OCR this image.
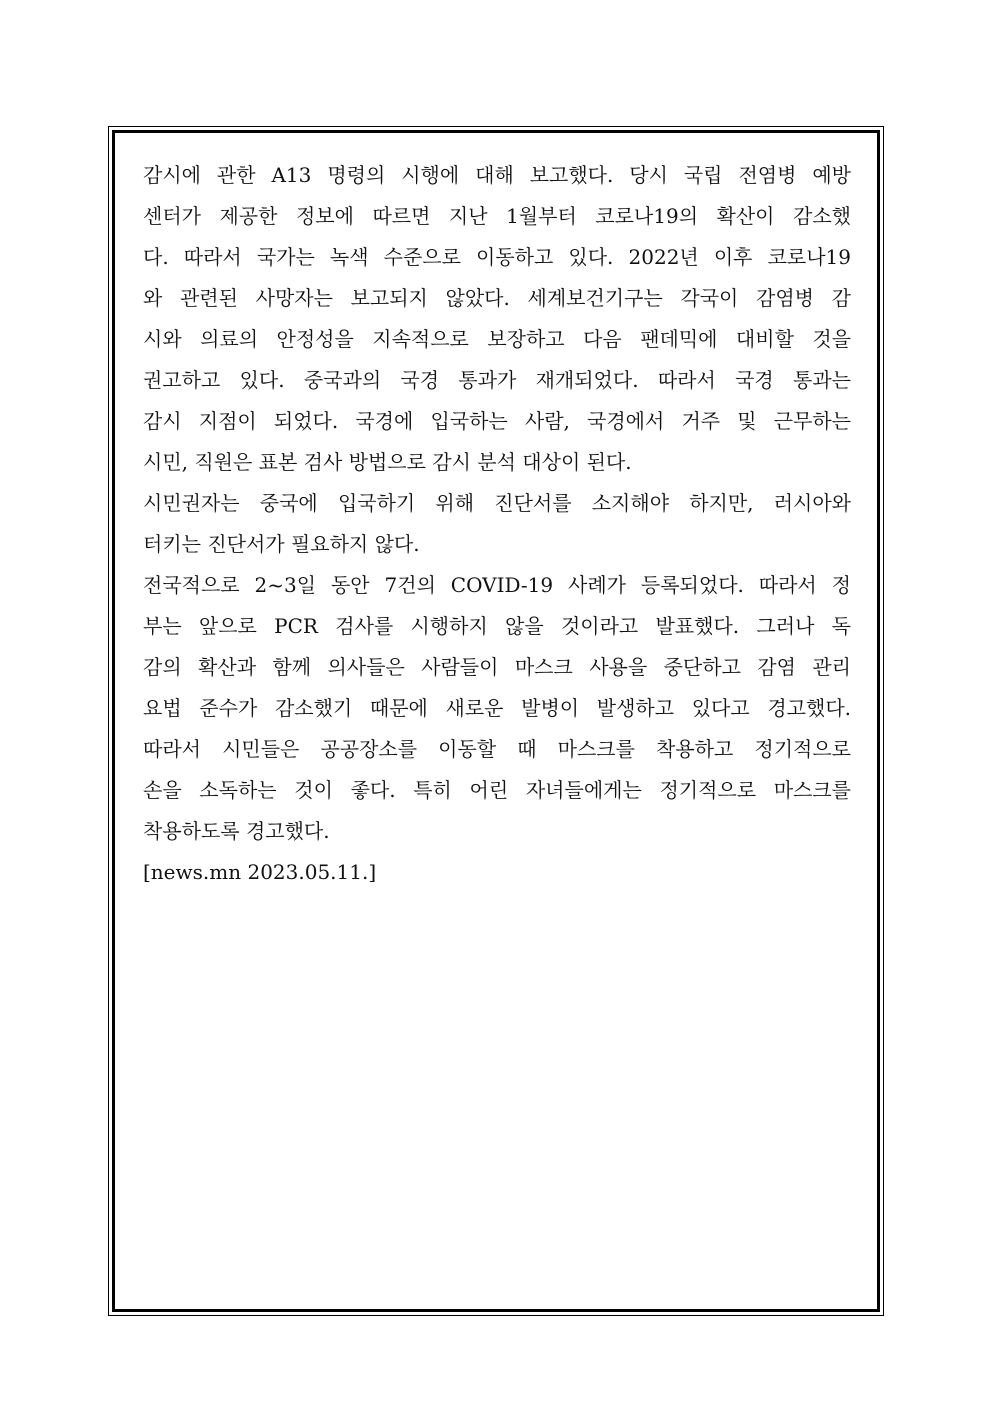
감시에 관한 A13 명령의 시행에 대해 보고했다. 당시 국립 전염병 예방
센터가 제공한 정보에 따르면 지난 1월부터 코로나19의 확산이 감소했
다. 따라서 국가는 녹색 수준으로 이동하고 있다. 2022년 이후 코로나19
와 관련된 사망자는 보고되지 않았다. 세계보건기구는 각국이 감염병 감
시와 의료의 안정성을 지속적으로 보장하고 다음 팬데믹에 대비할 것을
권고하고 있다. 중국과의 국경 통과가 재개되었다. 따라서 국경 통과는
감시 지점이 되었다. 국경에 입국하는 사람, 국경에서 거주 및 근무하는
시민, 직원은 표본 검사 방법으로 감시 분석 대상이 된다.
시민권자는 중국에 입국하기 위해 진단서를 소지해야 하지만, 러시아와
터키는 진단서가 필요하지 않다.
전국적으로 2~3일 동안 7건의 COVID-19 사례가 등록되었다. 따라서 정
부는 앞으로 PCR 검사를 시행하지 않을 것이라고 발표했다. 그러나 독
감의 확산과 함께 의사들은 사람들이 마스크 사용을 중단하고 감염 관리
요법 준수가 감소했기 때문에 새로운 발병이 발생하고 있다고 경고했다.
따라서 시민들은 공공장소를 이동할 때 마스크를 착용하고 정기적으로
손을 소독하는 것이 좋다. 특히 어린 자녀들에게는 정기적으로 마스크를
착용하도록 경고했다.
[news.mn 2023.05.11.]
